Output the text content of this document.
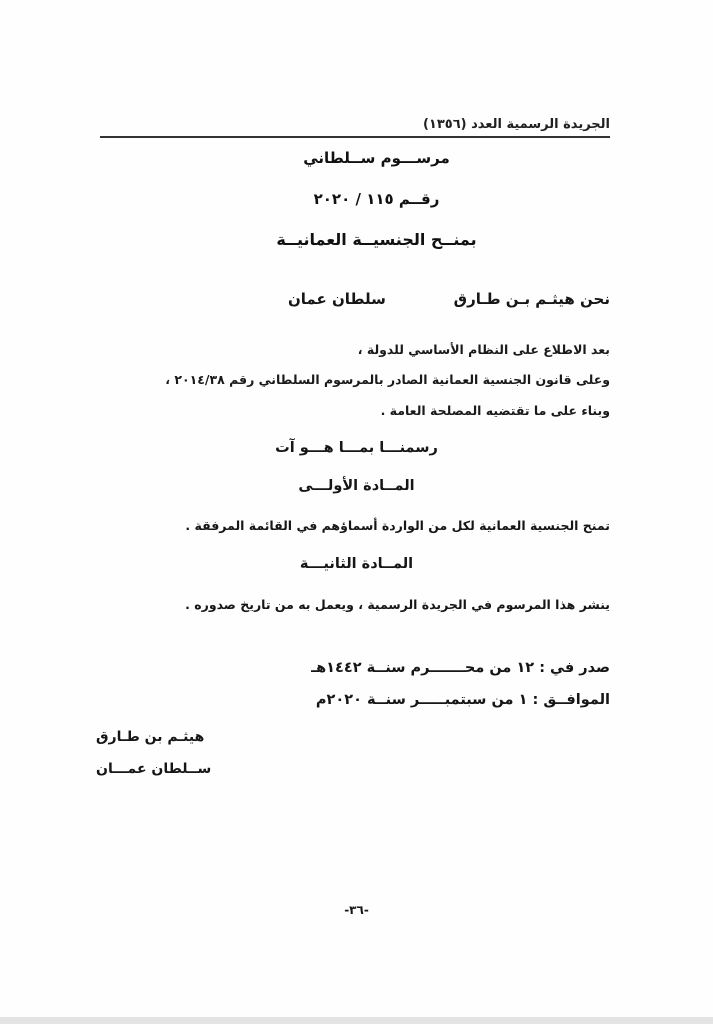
الجريدة الرسمية العدد (١٣٥٦)
مرســـوم ســلطاني
رقــم ١١٥ / ٢٠٢٠
بمنــح الجنسيــة العمانيــة
نحن هيثـم بـن طـارق
سلطان عمان
بعد الاطلاع على النظام الأساسي للدولة ،
وعلى قانون الجنسية العمانية الصادر بالمرسوم السلطاني رقم ٢٠١٤/٣٨ ،
وبناء على ما تقتضيه المصلحة العامة .
رسمنـــا بمـــا هـــو آت
المــادة الأولـــى
تمنح الجنسية العمانية لكل من الواردة أسماؤهم في القائمة المرفقة .
المــادة الثانيـــة
ينشر هذا المرسوم في الجريدة الرسمية ، ويعمل به من تاريخ صدوره .
صدر في : ١٢ من محـــــــرم سنــة ١٤٤٢هـ
الموافــق : ١ من سبتمبـــــر سنــة ٢٠٢٠م
هيثـم بن طـارق
ســلطان عمـــان
-٣٦-
